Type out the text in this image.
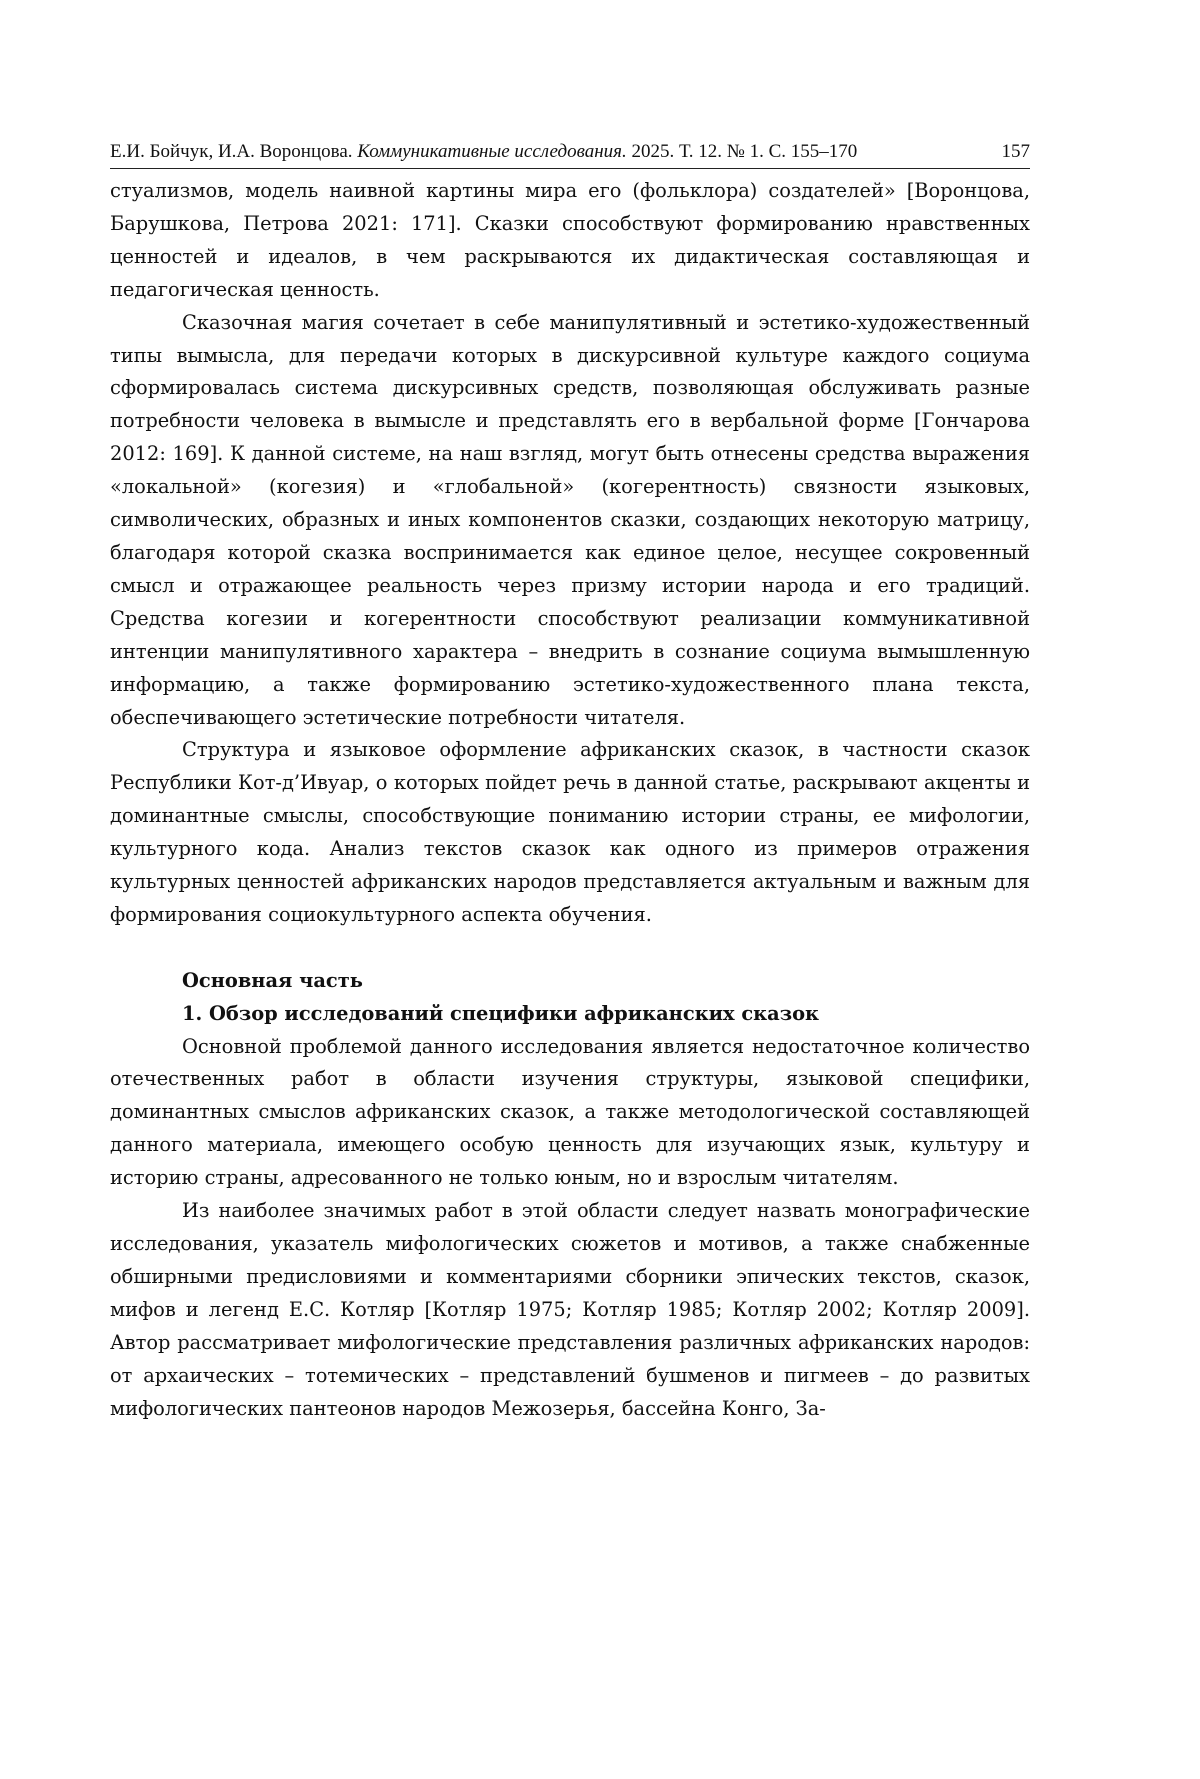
Е.И. Бойчук, И.А. Воронцова. Коммуникативные исследования. 2025. Т. 12. № 1. С. 155–170	157

стуализмов, модель наивной картины мира его (фольклора) создателей» [Воронцова, Барушкова, Петрова 2021: 171]. Сказки способствуют формированию нравственных ценностей и идеалов, в чем раскрываются их дидактическая составляющая и педагогическая ценность.

Сказочная магия сочетает в себе манипулятивный и эстетико-художественный типы вымысла, для передачи которых в дискурсивной культуре каждого социума сформировалась система дискурсивных средств, позволяющая обслуживать разные потребности человека в вымысле и представлять его в вербальной форме [Гончарова 2012: 169]. К данной системе, на наш взгляд, могут быть отнесены средства выражения «локальной» (когезия) и «глобальной» (когерентность) связности языковых, символических, образных и иных компонентов сказки, создающих некоторую матрицу, благодаря которой сказка воспринимается как единое целое, несущее сокровенный смысл и отражающее реальность через призму истории народа и его традиций. Средства когезии и когерентности способствуют реализации коммуникативной интенции манипулятивного характера – внедрить в сознание социума вымышленную информацию, а также формированию эстетико-художественного плана текста, обеспечивающего эстетические потребности читателя.

Структура и языковое оформление африканских сказок, в частности сказок Республики Кот-д’Ивуар, о которых пойдет речь в данной статье, раскрывают акценты и доминантные смыслы, способствующие пониманию истории страны, ее мифологии, культурного кода. Анализ текстов сказок как одного из примеров отражения культурных ценностей африканских народов представляется актуальным и важным для формирования социокультурного аспекта обучения.

Основная часть
1. Обзор исследований специфики африканских сказок

Основной проблемой данного исследования является недостаточное количество отечественных работ в области изучения структуры, языковой специфики, доминантных смыслов африканских сказок, а также методологической составляющей данного материала, имеющего особую ценность для изучающих язык, культуру и историю страны, адресованного не только юным, но и взрослым читателям.

Из наиболее значимых работ в этой области следует назвать монографические исследования, указатель мифологических сюжетов и мотивов, а также снабженные обширными предисловиями и комментариями сборники эпических текстов, сказок, мифов и легенд Е.С. Котляр [Котляр 1975; Котляр 1985; Котляр 2002; Котляр 2009]. Автор рассматривает мифологические представления различных африканских народов: от архаических – тотемических – представлений бушменов и пигмеев – до развитых мифологических пантеонов народов Межозерья, бассейна Конго, За-
